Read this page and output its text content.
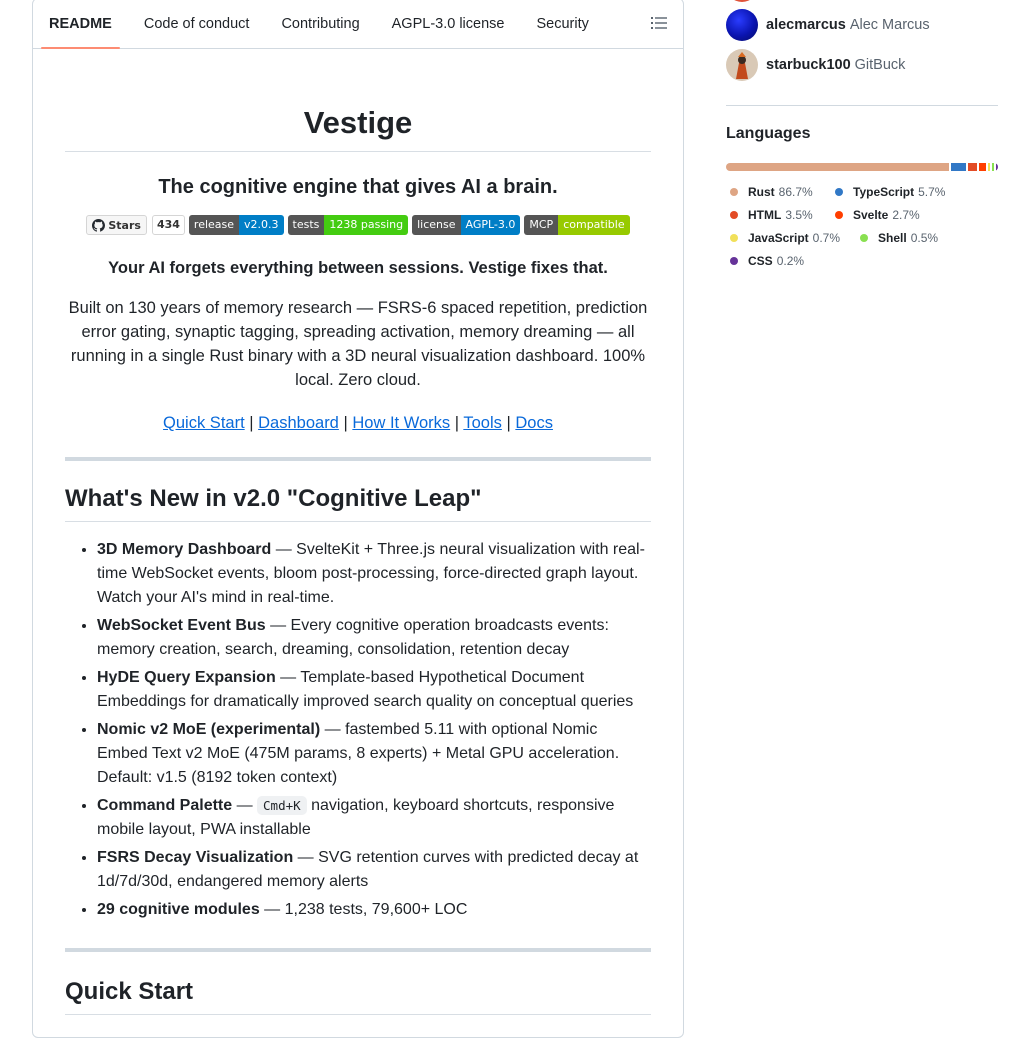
README Code of conduct Contributing AGPL-3.0 license Security
Vestige
The cognitive engine that gives AI a brain.
Stars	434	release v2.0.3	tests 1238 passing	license AGPL-3.0	MCP compatible
Your AI forgets everything between sessions. Vestige fixes that.
Built on 130 years of memory research — FSRS-6 spaced repetition, prediction error gating, synaptic tagging, spreading activation, memory dreaming — all running in a single Rust binary with a 3D neural visualization dashboard. 100% local. Zero cloud.
Quick Start | Dashboard | How It Works | Tools | Docs
What's New in v2.0 "Cognitive Leap"
• 3D Memory Dashboard — SvelteKit + Three.js neural visualization with real-time WebSocket events, bloom post-processing, force-directed graph layout. Watch your AI's mind in real-time.
• WebSocket Event Bus — Every cognitive operation broadcasts events: memory creation, search, dreaming, consolidation, retention decay
• HyDE Query Expansion — Template-based Hypothetical Document Embeddings for dramatically improved search quality on conceptual queries
• Nomic v2 MoE (experimental) — fastembed 5.11 with optional Nomic Embed Text v2 MoE (475M params, 8 experts) + Metal GPU acceleration. Default: v1.5 (8192 token context)
• Command Palette — Cmd+K navigation, keyboard shortcuts, responsive mobile layout, PWA installable
• FSRS Decay Visualization — SVG retention curves with predicted decay at 1d/7d/30d, endangered memory alerts
• 29 cognitive modules — 1,238 tests, 79,600+ LOC
Quick Start
alecmarcus Alec Marcus
starbuck100 GitBuck
Languages
Rust 86.7%	TypeScript 5.7%
HTML 3.5%	Svelte 2.7%
JavaScript 0.7%	Shell 0.5%
CSS 0.2%
